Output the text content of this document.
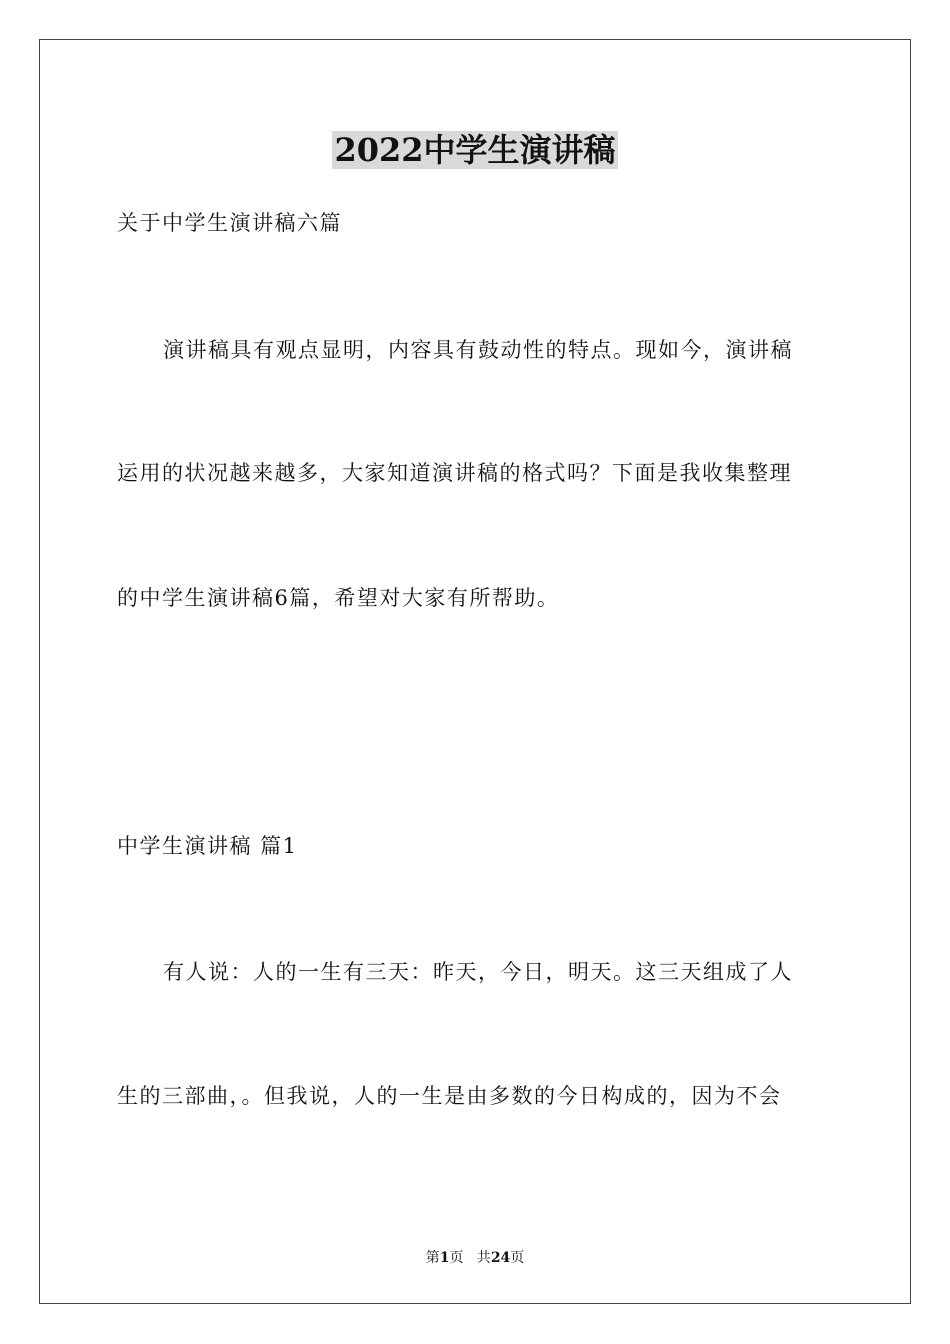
2022中学生演讲稿
关于中学生演讲稿六篇
演讲稿具有观点显明，内容具有鼓动性的特点。现如今，演讲稿
运用的状况越来越多，大家知道演讲稿的格式吗？下面是我收集整理
的中学生演讲稿6篇，希望对大家有所帮助。
中学生演讲稿 篇1
有人说：人的一生有三天：昨天，今日，明天。这三天组成了人
生的三部曲，。但我说，人的一生是由多数的今日构成的，因为不会
第1页   共24页
